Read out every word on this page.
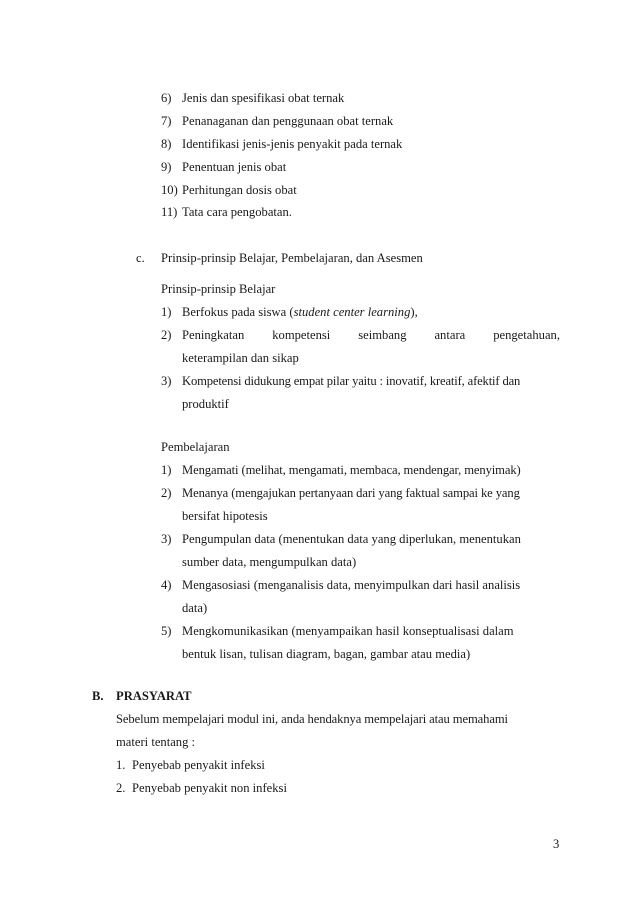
6) Jenis dan spesifikasi obat ternak
7) Penanaganan dan penggunaan obat ternak
8) Identifikasi jenis-jenis penyakit pada ternak
9) Penentuan jenis obat
10) Perhitungan dosis obat
11) Tata cara pengobatan.
c. Prinsip-prinsip Belajar, Pembelajaran, dan Asesmen
Prinsip-prinsip Belajar
1) Berfokus pada siswa (student center learning),
2) Peningkatan kompetensi seimbang antara pengetahuan,
keterampilan dan sikap
3) Kompetensi didukung empat pilar yaitu : inovatif, kreatif, afektif dan
produktif
Pembelajaran
1) Mengamati (melihat, mengamati, membaca, mendengar, menyimak)
2) Menanya (mengajukan pertanyaan dari yang faktual sampai ke yang
bersifat hipotesis
3) Pengumpulan data (menentukan data yang diperlukan, menentukan
sumber data, mengumpulkan data)
4) Mengasosiasi (menganalisis data, menyimpulkan dari hasil analisis
data)
5) Mengkomunikasikan (menyampaikan hasil konseptualisasi dalam
bentuk lisan, tulisan diagram, bagan, gambar atau media)
B. PRASYARAT
Sebelum mempelajari modul ini, anda hendaknya mempelajari atau memahami
materi tentang :
1. Penyebab penyakit infeksi
2. Penyebab penyakit non infeksi
3
